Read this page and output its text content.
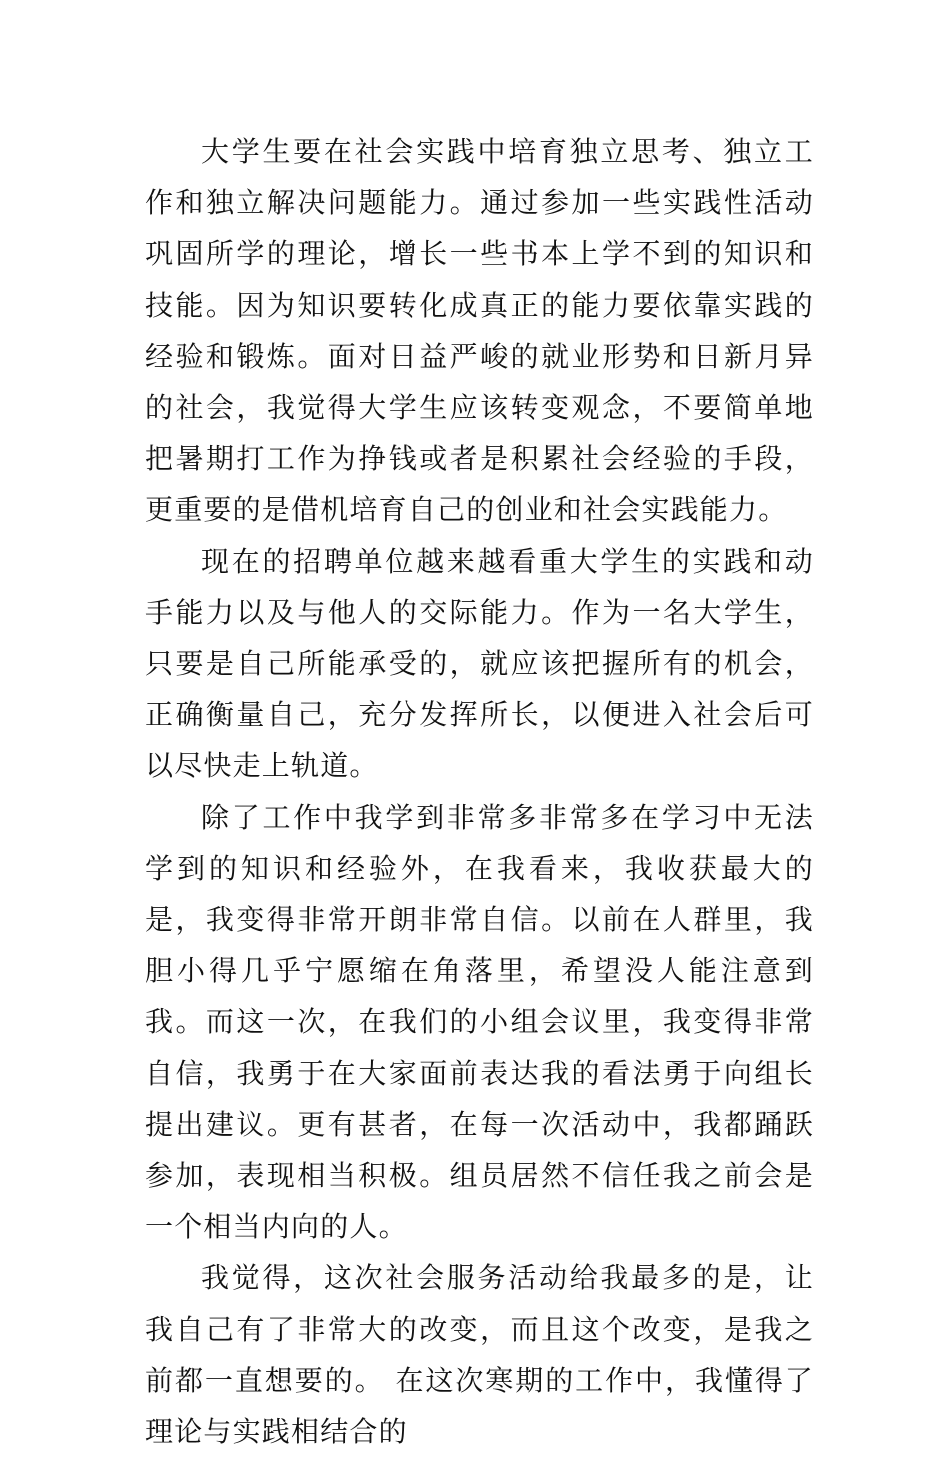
大学生要在社会实践中培育独立思考、独立工作和独立解决问题能力。通过参加一些实践性活动巩固所学的理论，增长一些书本上学不到的知识和技能。因为知识要转化成真正的能力要依靠实践的经验和锻炼。面对日益严峻的就业形势和日新月异的社会，我觉得大学生应该转变观念，不要简单地把暑期打工作为挣钱或者是积累社会经验的手段，更重要的是借机培育自己的创业和社会实践能力。

现在的招聘单位越来越看重大学生的实践和动手能力以及与他人的交际能力。作为一名大学生，只要是自己所能承受的，就应该把握所有的机会，正确衡量自己，充分发挥所长，以便进入社会后可以尽快走上轨道。

除了工作中我学到非常多非常多在学习中无法学到的知识和经验外，在我看来，我收获最大的是，我变得非常开朗非常自信。以前在人群里，我胆小得几乎宁愿缩在角落里，希望没人能注意到我。而这一次，在我们的小组会议里，我变得非常自信，我勇于在大家面前表达我的看法勇于向组长提出建议。更有甚者，在每一次活动中，我都踊跃参加，表现相当积极。组员居然不信任我之前会是一个相当内向的人。

我觉得，这次社会服务活动给我最多的是，让我自己有了非常大的改变，而且这个改变，是我之前都一直想要的。 在这次寒期的工作中，我懂得了理论与实践相结合的
